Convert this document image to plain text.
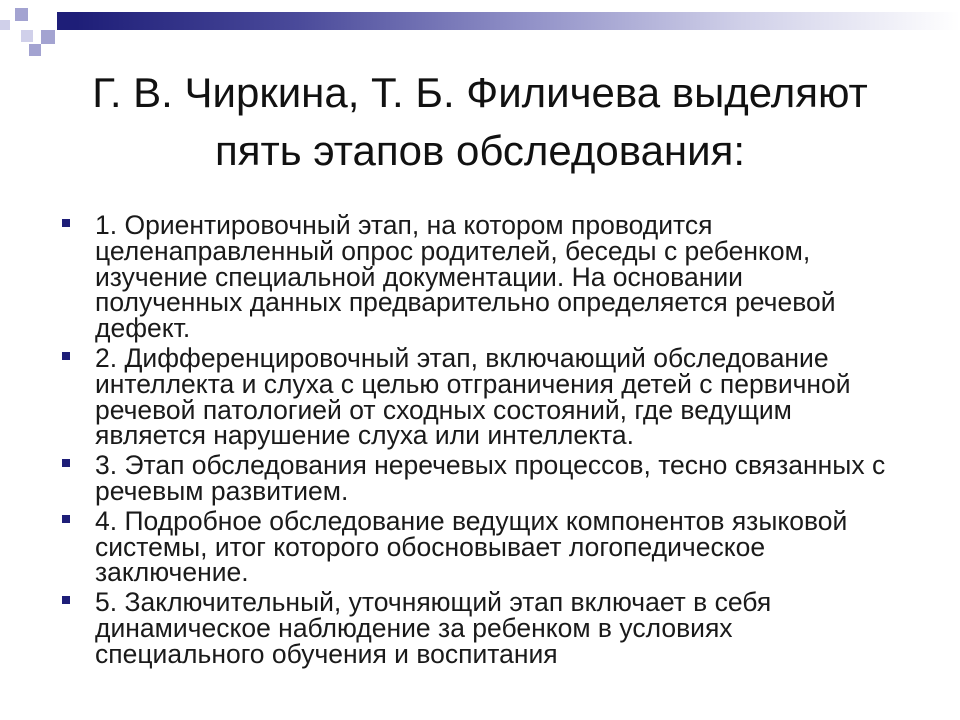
Г. В. Чиркина, Т. Б. Филичева выделяют
пять этапов обследования:
1. Ориентировочный этап, на котором проводится
целенаправленный опрос родителей, беседы с ребенком,
изучение специальной документации. На основании
полученных данных предварительно определяется речевой
дефект.
2. Дифференцировочный этап, включающий обследование
интеллекта и слуха с целью отграничения детей с первичной
речевой патологией от сходных состояний, где ведущим
является нарушение слуха или интеллекта.
3. Этап обследования неречевых процессов, тесно связанных с
речевым развитием.
4. Подробное обследование ведущих компонентов языковой
системы, итог которого обосновывает логопедическое
заключение.
5. Заключительный, уточняющий этап включает в себя
динамическое наблюдение за ребенком в условиях
специального обучения и воспитания
